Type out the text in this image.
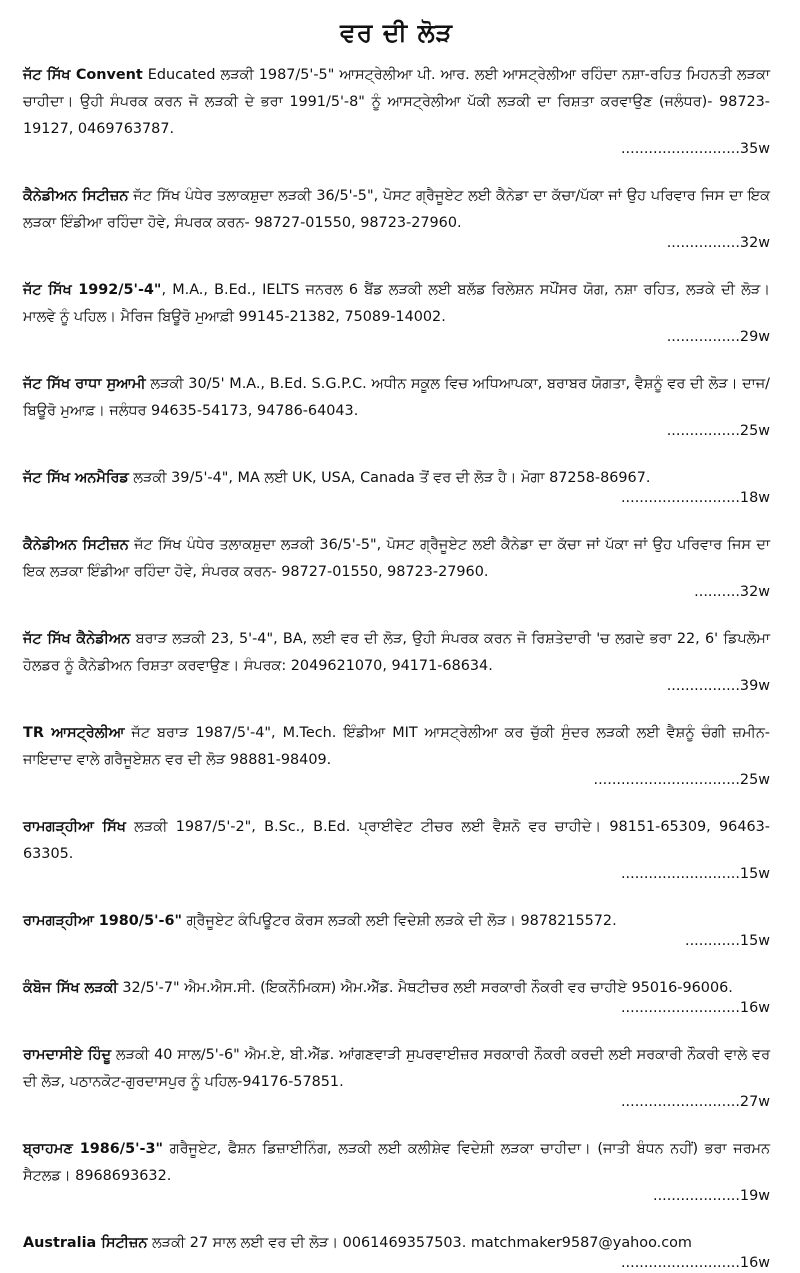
ਵਰ ਦੀ ਲੋੜ
ਜੱਟ ਸਿੱਖ Convent Educated ਲੜਕੀ 1987/5'-5" ਆਸਟ੍ਰੇਲੀਆ ਪੀ. ਆਰ. ਲਈ ਆਸਟ੍ਰੇਲੀਆ ਰਹਿੰਦਾ ਨਸ਼ਾ-ਰਹਿਤ ਮਿਹਨਤੀ ਲੜਕਾ ਚਾਹੀਦਾ। ਉਹੀ ਸੰਪਰਕ ਕਰਨ ਜੋ ਲੜਕੀ ਦੇ ਭਰਾ 1991/5'-8" ਨੂੰ ਆਸਟ੍ਰੇਲੀਆ ਪੱਕੀ ਲੜਕੀ ਦਾ ਰਿਸ਼ਤਾ ਕਰਵਾਉਣ (ਜਲੰਧਰ)- 98723-19127, 0469763787.
..........................35w
ਕੈਨੇਡੀਅਨ ਸਿਟੀਜ਼ਨ ਜੱਟ ਸਿੱਖ ਪੰਧੇਰ ਤਲਾਕਸ਼ੁਦਾ ਲੜਕੀ 36/5'-5", ਪੋਸਟ ਗ੍ਰੈਜੂਏਟ ਲਈ ਕੈਨੇਡਾ ਦਾ ਕੱਚਾ/ਪੱਕਾ ਜਾਂ ਉਹ ਪਰਿਵਾਰ ਜਿਸ ਦਾ ਇਕ ਲੜਕਾ ਇੰਡੀਆ ਰਹਿੰਦਾ ਹੋਵੇ, ਸੰਪਰਕ ਕਰਨ- 98727-01550, 98723-27960.
................32w
ਜੱਟ ਸਿੱਖ 1992/5'-4", M.A., B.Ed., IELTS ਜਨਰਲ 6 ਬੈਂਡ ਲੜਕੀ ਲਈ ਬਲੱਡ ਰਿਲੇਸ਼ਨ ਸਪੌਂਸਰ ਯੋਗ, ਨਸ਼ਾ ਰਹਿਤ, ਲੜਕੇ ਦੀ ਲੋੜ। ਮਾਲਵੇ ਨੂੰ ਪਹਿਲ। ਮੈਰਿਜ ਬਿਊਰੋ ਮੁਆਫ਼ੀ 99145-21382, 75089-14002.
................29w
ਜੱਟ ਸਿੱਖ ਰਾਧਾ ਸੁਆਮੀ ਲੜਕੀ 30/5' M.A., B.Ed. S.G.P.C. ਅਧੀਨ ਸਕੂਲ ਵਿਚ ਅਧਿਆਪਕਾ, ਬਰਾਬਰ ਯੋਗਤਾ, ਵੈਸ਼ਨੂੰ ਵਰ ਦੀ ਲੋੜ। ਦਾਜ/ਬਿਊਰੋ ਮੁਆਫ਼। ਜਲੰਧਰ 94635-54173, 94786-64043.
................25w
ਜੱਟ ਸਿੱਖ ਅਨਮੈਰਿਡ ਲੜਕੀ 39/5'-4", MA ਲਈ UK, USA, Canada ਤੋਂ ਵਰ ਦੀ ਲੋੜ ਹੈ। ਮੋਗਾ 87258-86967.
..........................18w
ਕੈਨੇਡੀਅਨ ਸਿਟੀਜ਼ਨ ਜੱਟ ਸਿੱਖ ਪੰਧੇਰ ਤਲਾਕਸ਼ੁਦਾ ਲੜਕੀ 36/5'-5", ਪੋਸਟ ਗ੍ਰੈਜੂਏਟ ਲਈ ਕੈਨੇਡਾ ਦਾ ਕੱਚਾ ਜਾਂ ਪੱਕਾ ਜਾਂ ਉਹ ਪਰਿਵਾਰ ਜਿਸ ਦਾ ਇਕ ਲੜਕਾ ਇੰਡੀਆ ਰਹਿੰਦਾ ਹੋਵੇ, ਸੰਪਰਕ ਕਰਨ- 98727-01550, 98723-27960.
..........32w
ਜੱਟ ਸਿੱਖ ਕੈਨੇਡੀਅਨ ਬਰਾੜ ਲੜਕੀ 23, 5'-4", BA, ਲਈ ਵਰ ਦੀ ਲੋੜ, ਉਹੀ ਸੰਪਰਕ ਕਰਨ ਜੋ ਰਿਸ਼ਤੇਦਾਰੀ 'ਚ ਲਗਦੇ ਭਰਾ 22, 6' ਡਿਪਲੋਮਾ ਹੋਲਡਰ ਨੂੰ ਕੈਨੇਡੀਅਨ ਰਿਸ਼ਤਾ ਕਰਵਾਉਣ। ਸੰਪਰਕ: 2049621070, 94171-68634.
................39w
TR ਆਸਟ੍ਰੇਲੀਆ ਜੱਟ ਬਰਾੜ 1987/5'-4", M.Tech. ਇੰਡੀਆ MIT ਆਸਟ੍ਰੇਲੀਆ ਕਰ ਚੁੱਕੀ ਸੁੰਦਰ ਲੜਕੀ ਲਈ ਵੈਸ਼ਨੂੰ ਚੰਗੀ ਜ਼ਮੀਨ-ਜਾਇਦਾਦ ਵਾਲੇ ਗਰੈਜੂਏਸ਼ਨ ਵਰ ਦੀ ਲੋੜ 98881-98409.
................................25w
ਰਾਮਗੜ੍ਹੀਆ ਸਿੱਖ ਲੜਕੀ 1987/5'-2", B.Sc., B.Ed. ਪ੍ਰਾਈਵੇਟ ਟੀਚਰ ਲਈ ਵੈਸ਼ਨੋ ਵਰ ਚਾਹੀਦੇ। 98151-65309, 96463-63305.
..........................15w
ਰਾਮਗੜ੍ਹੀਆ 1980/5'-6" ਗ੍ਰੈਜੂਏਟ ਕੰਪਿਊਟਰ ਕੋਰਸ ਲੜਕੀ ਲਈ ਵਿਦੇਸ਼ੀ ਲੜਕੇ ਦੀ ਲੋੜ। 9878215572.
............15w
ਕੰਬੋਜ ਸਿੱਖ ਲੜਕੀ 32/5'-7" ਐਮ.ਐਸ.ਸੀ. (ਇਕਨੌਮਿਕਸ) ਐਮ.ਐੱਡ. ਮੈਥਟੀਚਰ ਲਈ ਸਰਕਾਰੀ ਨੌਕਰੀ ਵਰ ਚਾਹੀਏ 95016-96006.
..........................16w
ਰਾਮਦਾਸੀਏ ਹਿੰਦੂ ਲੜਕੀ 40 ਸਾਲ/5'-6" ਐਮ.ਏ, ਬੀ.ਐੱਡ. ਆਂਗਣਵਾੜੀ ਸੁਪਰਵਾਈਜ਼ਰ ਸਰਕਾਰੀ ਨੌਕਰੀ ਕਰਦੀ ਲਈ ਸਰਕਾਰੀ ਨੌਕਰੀ ਵਾਲੇ ਵਰ ਦੀ ਲੋੜ, ਪਠਾਨਕੋਟ-ਗੁਰਦਾਸਪੁਰ ਨੂੰ ਪਹਿਲ-94176-57851.
..........................27w
ਬ੍ਰਾਹਮਣ 1986/5'-3" ਗਰੈਜੂਏਟ, ਫੈਸ਼ਨ ਡਿਜ਼ਾਈਨਿੰਗ, ਲੜਕੀ ਲਈ ਕਲੀਸ਼ੇਵ ਵਿਦੇਸ਼ੀ ਲੜਕਾ ਚਾਹੀਦਾ। (ਜਾਤੀ ਬੰਧਨ ਨਹੀਂ) ਭਰਾ ਜਰਮਨ ਸੈਟਲਡ। 8968693632.
...................19w
Australia ਸਿਟੀਜ਼ਨ ਲੜਕੀ 27 ਸਾਲ ਲਈ ਵਰ ਦੀ ਲੋੜ। 0061469357503. matchmaker9587@yahoo.com
..........................16w
